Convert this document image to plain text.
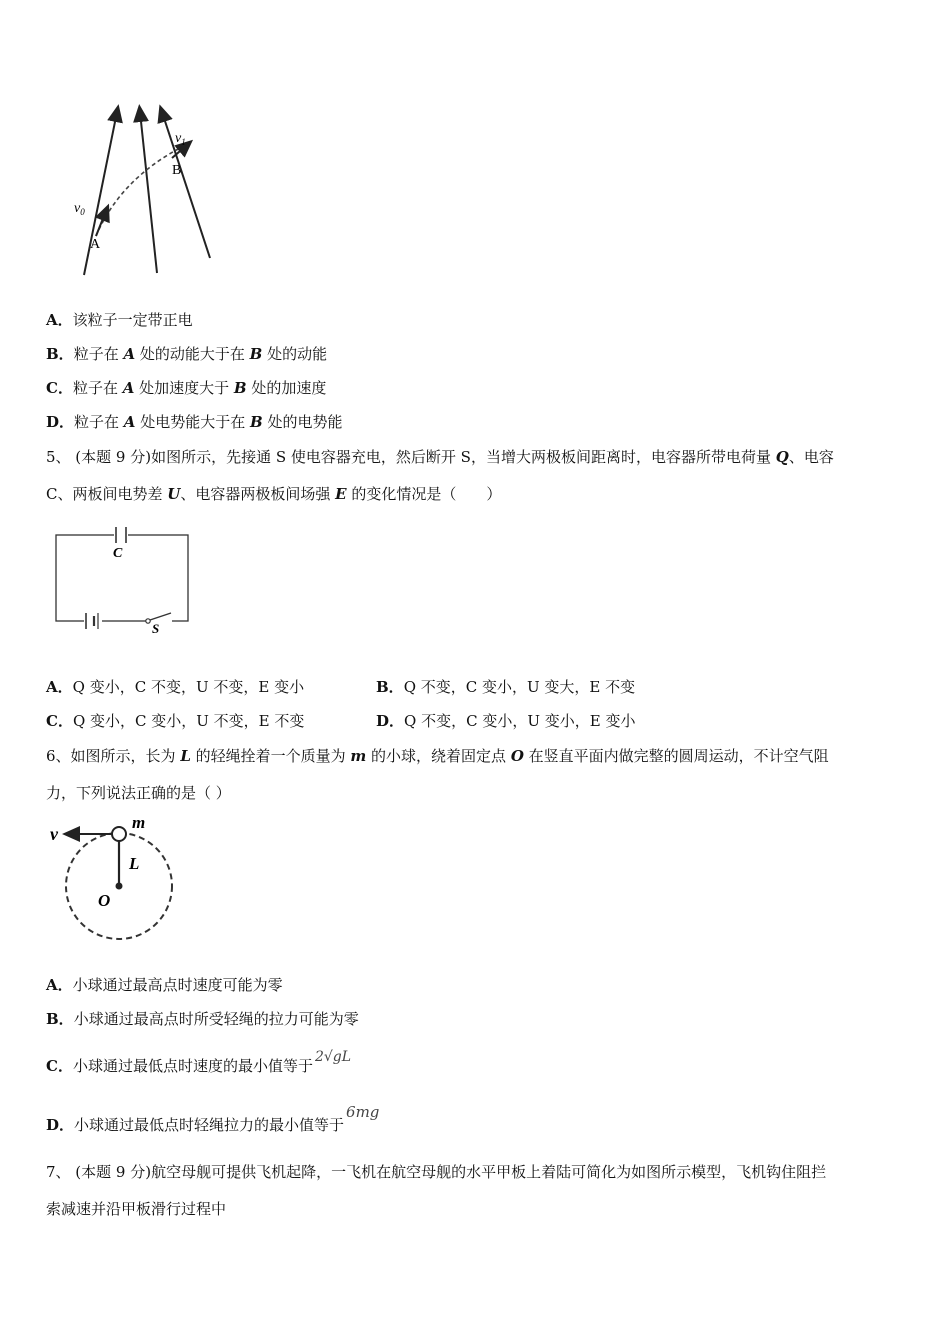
$v_0$
$v_1$
A
B
A．该粒子一定带正电
B．粒子在 A 处的动能大于在 B 处的动能
C．粒子在 A 处加速度大于 B 处的加速度
D．粒子在 A 处电势能大于在 B 处的电势能
5、 (本题 9 分)如图所示，先接通 S 使电容器充电，然后断开 S，当增大两极板间距离时，电容器所带电荷量 Q、电容
C、两板间电势差 U、电容器两极板间场强 E 的变化情况是（　　）
C
S
A．Q 变小，C 不变，U 不变，E 变小	B．Q 不变，C 变小，U 变大，E 不变
C．Q 变小，C 变小，U 不变，E 不变	D．Q 不变，C 变小，U 变小，E 变小
6、如图所示，长为 L 的轻绳拴着一个质量为 m 的小球，绕着固定点 O 在竖直平面内做完整的圆周运动，不计空气阻
力，下列说法正确的是（ ）
v
m
L
O
A．小球通过最高点时速度可能为零
B．小球通过最高点时所受轻绳的拉力可能为零
C．小球通过最低点时速度的最小值等于 2√gL
D．小球通过最低点时轻绳拉力的最小值等于6mg
7、 (本题 9 分)航空母舰可提供飞机起降，一飞机在航空母舰的水平甲板上着陆可简化为如图所示模型，飞机钩住阻拦
索减速并沿甲板滑行过程中
